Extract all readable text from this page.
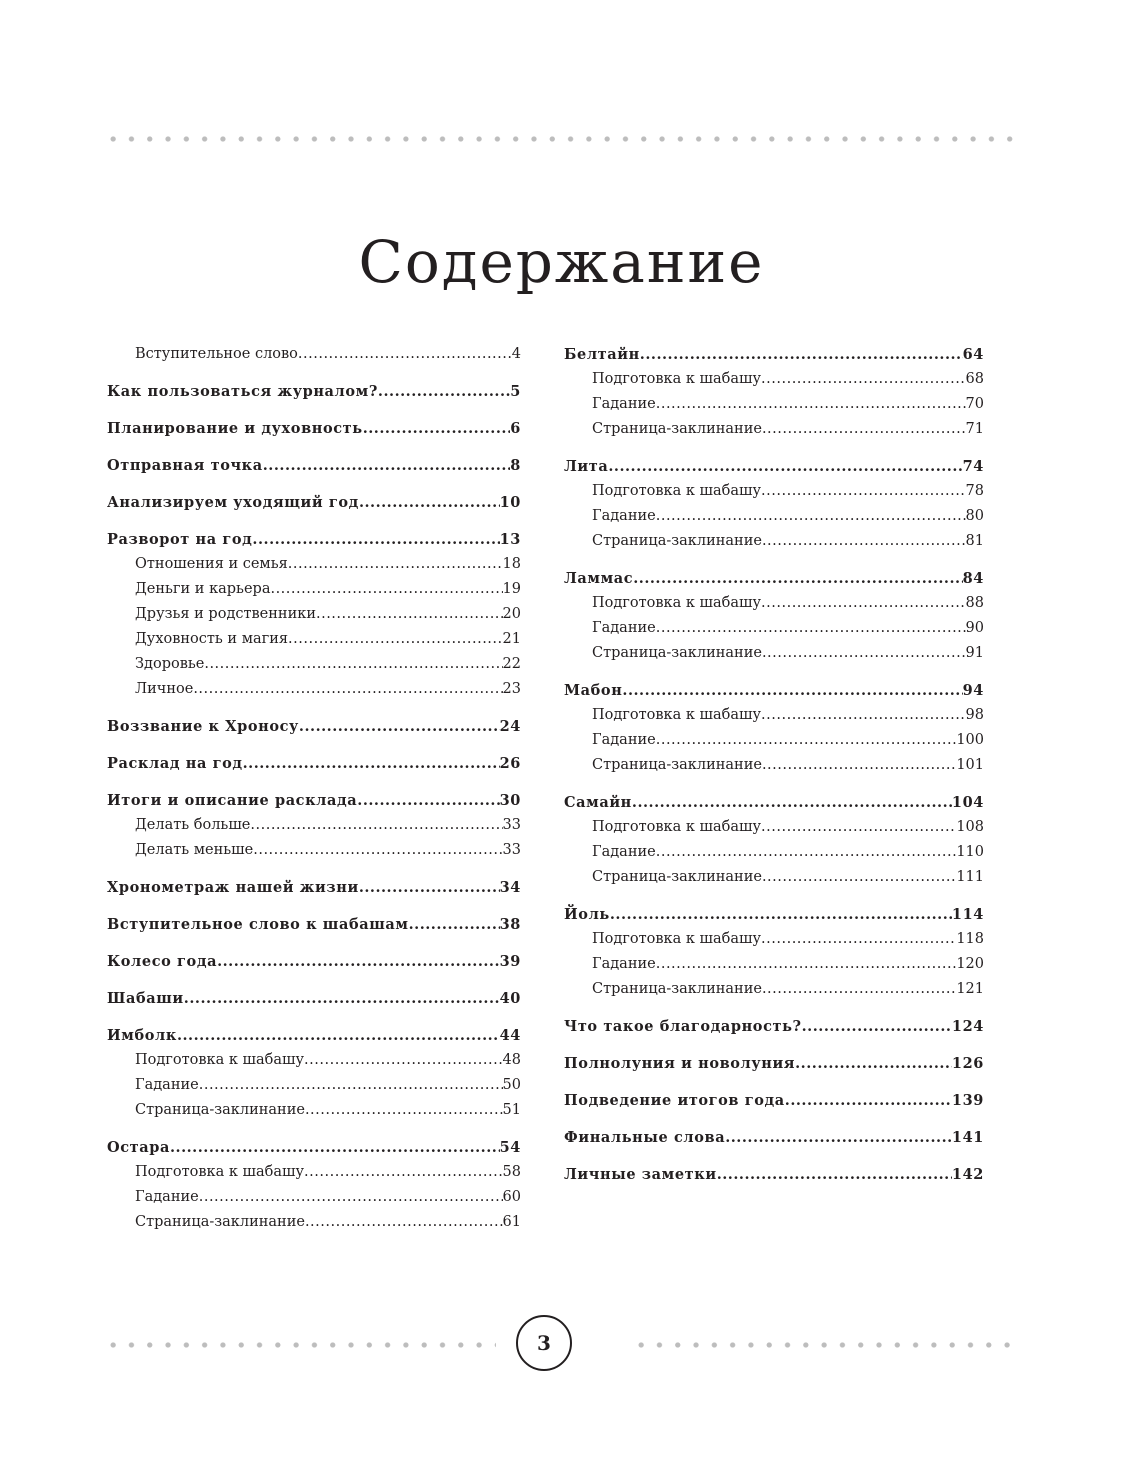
Содержание
Вступительное слово .....	4
Как пользоваться журналом? .....	5
Планирование и духовность .....	6
Отправная точка .....	8
Анализируем уходящий год .....	10
Разворот на год .....	13
Отношения и семья .....	18
Деньги и карьера .....	19
Друзья и родственники .....	20
Духовность и магия .....	21
Здоровье .....	22
Личное .....	23
Воззвание к Хроносу .....	24
Расклад на год .....	26
Итоги и описание расклада .....	30
Делать больше .....	33
Делать меньше .....	33
Хронометраж нашей жизни .....	34
Вступительное слово к шабашам .....	38
Колесо года .....	39
Шабаши .....	40
Имболк .....	44
Подготовка к шабашу .....	48
Гадание .....	50
Страница-заклинание .....	51
Остара .....	54
Подготовка к шабашу .....	58
Гадание .....	60
Страница-заклинание .....	61
Белтайн .....	64
Подготовка к шабашу .....	68
Гадание .....	70
Страница-заклинание .....	71
Лита .....	74
Подготовка к шабашу .....	78
Гадание .....	80
Страница-заклинание .....	81
Ламмас .....	84
Подготовка к шабашу .....	88
Гадание .....	90
Страница-заклинание .....	91
Мабон .....	94
Подготовка к шабашу .....	98
Гадание .....	100
Страница-заклинание .....	101
Самайн .....	104
Подготовка к шабашу .....	108
Гадание .....	110
Страница-заклинание .....	111
Йоль .....	114
Подготовка к шабашу .....	118
Гадание .....	120
Страница-заклинание .....	121
Что такое благодарность? .....	124
Полнолуния и новолуния .....	126
Подведение итогов года .....	139
Финальные слова .....	141
Личные заметки .....	142
3
